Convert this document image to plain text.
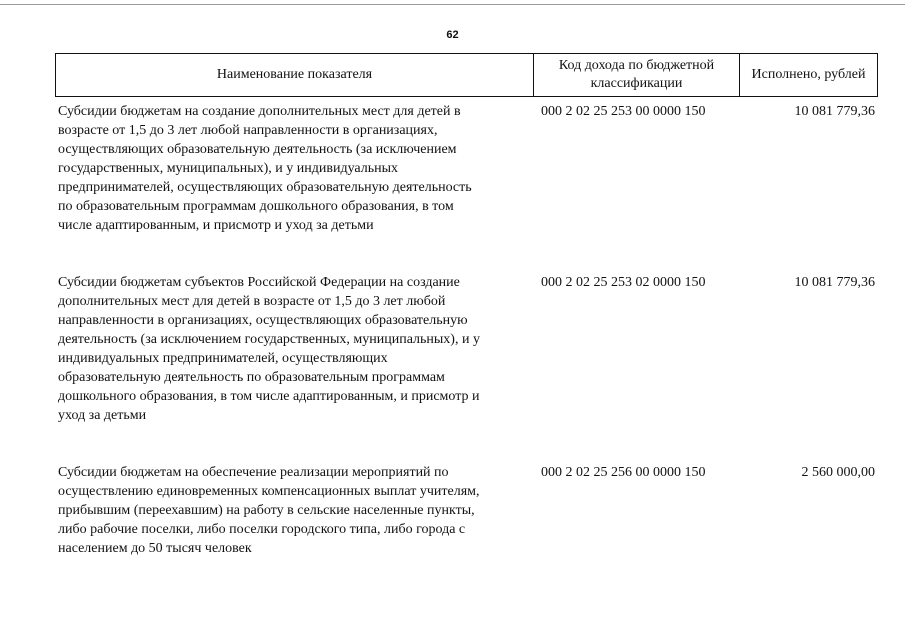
62
Наименование показателя
Код дохода по бюджетной классификации
Исполнено, рублей
Субсидии бюджетам на создание дополнительных мест для детей в
возрасте от 1,5 до 3 лет любой направленности в организациях,
осуществляющих образовательную деятельность (за исключением
государственных, муниципальных), и у индивидуальных
предпринимателей, осуществляющих образовательную деятельность
по образовательным программам дошкольного образования, в том
числе адаптированным, и присмотр и уход за детьми
000 2 02 25 253 00 0000 150	10 081 779,36
Субсидии бюджетам субъектов Российской Федерации на создание
дополнительных мест для детей в возрасте от 1,5 до 3 лет любой
направленности в организациях, осуществляющих образовательную
деятельность (за исключением государственных, муниципальных), и у
индивидуальных предпринимателей, осуществляющих
образовательную деятельность по образовательным программам
дошкольного образования, в том числе адаптированным, и присмотр и
уход за детьми
000 2 02 25 253 02 0000 150	10 081 779,36
Субсидии бюджетам на обеспечение реализации мероприятий по
осуществлению единовременных компенсационных выплат учителям,
прибывшим (переехавшим) на работу в сельские населенные пункты,
либо рабочие поселки, либо поселки городского типа, либо города с
населением до 50 тысяч человек
000 2 02 25 256 00 0000 150	2 560 000,00
